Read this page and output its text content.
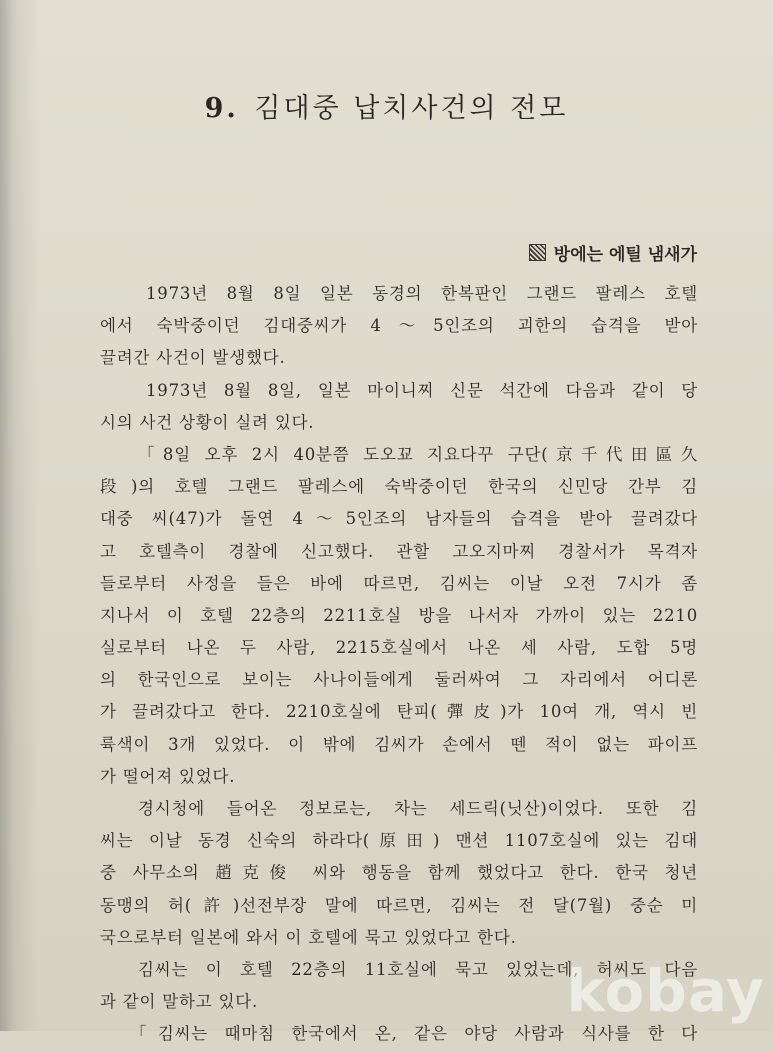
9. 김대중 납치사건의 전모
방에는 에틸 냄새가
1973년 8월 8일 일본 동경의 한복판인 그랜드 팔레스 호텔
에서 숙박중이던 김대중씨가 4～5인조의 괴한의 습격을 받아
끌려간 사건이 발생했다.
1973년 8월 8일, 일본 마이니찌 신문 석간에 다음과 같이 당
시의 사건 상황이 실려 있다.
「8일 오후 2시 40분쯤 도오꾜 지요다꾸 구단(京千代田區久
段)의 호텔 그랜드 팔레스에 숙박중이던 한국의 신민당 간부 김
대중 씨(47)가 돌연 4～5인조의 남자들의 습격을 받아 끌려갔다
고 호텔측이 경찰에 신고했다. 관할 고오지마찌 경찰서가 목격자
들로부터 사정을 들은 바에 따르면, 김씨는 이날 오전 7시가 좀
지나서 이 호텔 22층의 2211호실 방을 나서자 가까이 있는 2210
실로부터 나온 두 사람, 2215호실에서 나온 세 사람, 도합 5명
의 한국인으로 보이는 사나이들에게 둘러싸여 그 자리에서 어디론
가 끌려갔다고 한다. 2210호실에 탄피(彈皮)가 10여 개, 역시 빈
륙색이 3개 있었다. 이 밖에 김씨가 손에서 뗀 적이 없는 파이프
가 떨어져 있었다.
경시청에 들어온 정보로는, 차는 세드릭(닛산)이었다. 또한 김
씨는 이날 동경 신숙의 하라다(原田) 맨션 1107호실에 있는 김대
중 사무소의 趙克俊 씨와 행동을 함께 했었다고 한다. 한국 청년
동맹의 허(許)선전부장 말에 따르면, 김씨는 전 달(7월) 중순 미
국으로부터 일본에 와서 이 호텔에 묵고 있었다고 한다.
김씨는 이 호텔 22층의 11호실에 묵고 있었는데, 허씨도 다음
과 같이 말하고 있다.
「김씨는 때마침 한국에서 온, 같은 야당 사람과 식사를 한 다
kobay
